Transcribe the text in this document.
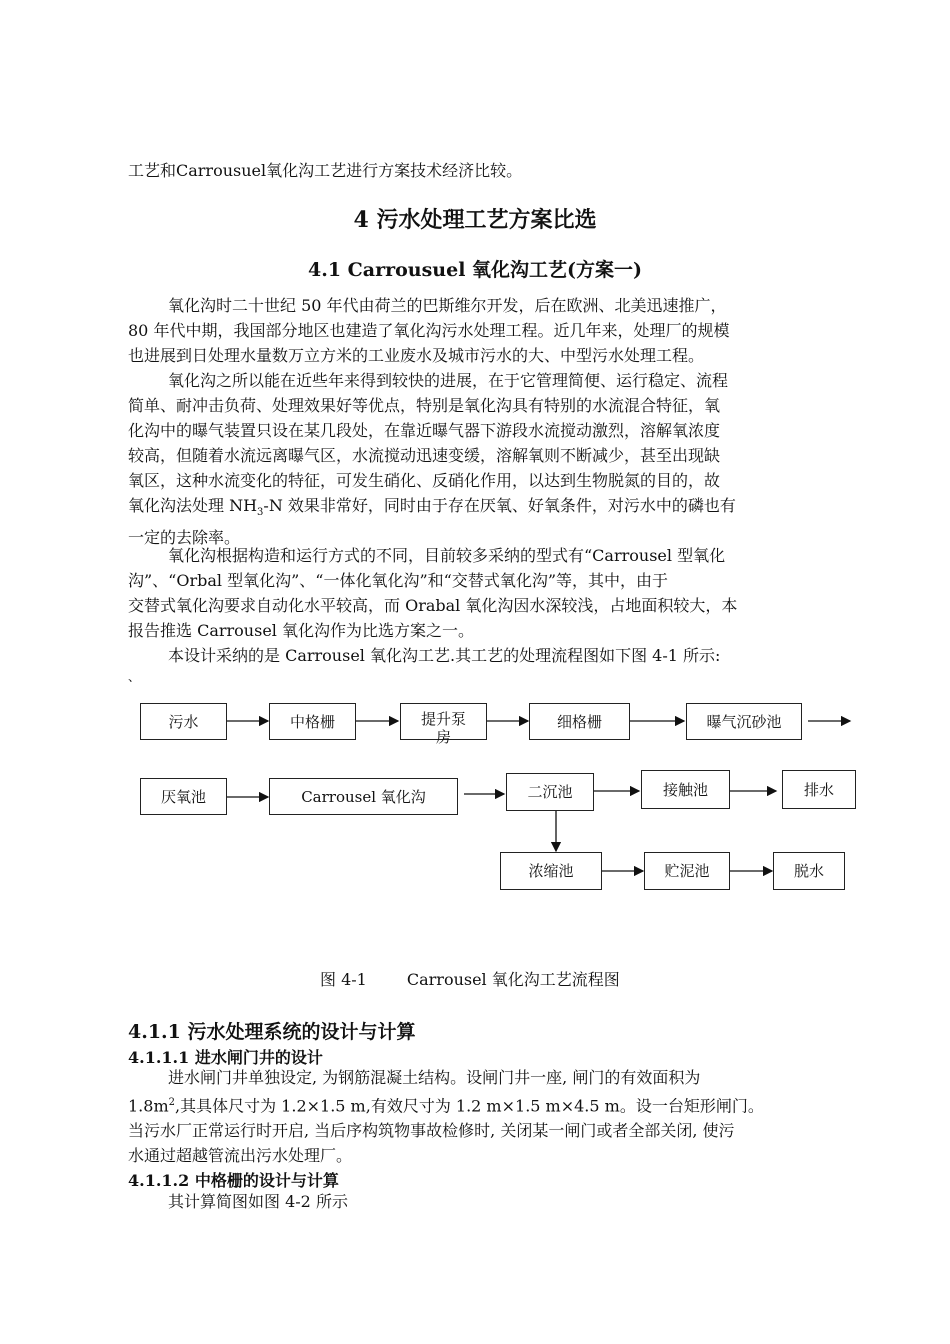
工艺和Carrousuel氧化沟工艺进行方案技术经济比较。
4 污水处理工艺方案比选
4.1 Carrousuel 氧化沟工艺(方案一)
氧化沟时二十世纪 50 年代由荷兰的巴斯维尔开发，后在欧洲、北美迅速推广，
80 年代中期，我国部分地区也建造了氧化沟污水处理工程。近几年来，处理厂的规模
也进展到日处理水量数万立方米的工业废水及城市污水的大、中型污水处理工程。
氧化沟之所以能在近些年来得到较快的进展，在于它管理简便、运行稳定、流程
简单、耐冲击负荷、处理效果好等优点，特别是氧化沟具有特别的水流混合特征，氧
化沟中的曝气装置只设在某几段处，在靠近曝气器下游段水流搅动激烈，溶解氧浓度
较高，但随着水流远离曝气区，水流搅动迅速变缓，溶解氧则不断减少，甚至出现缺
氧区，这种水流变化的特征，可发生硝化、反硝化作用，以达到生物脱氮的目的，故
氧化沟法处理 $NH_3-N$ 效果非常好，同时由于存在厌氧、好氧条件，对污水中的磷也有
一定的去除率。
氧化沟根据构造和运行方式的不同，目前较多采纳的型式有“Carrousel 型氧化
沟”、“Orbal 型氧化沟”、“一体化氧化沟”和“交替式氧化沟”等，其中，由于
交替式氧化沟要求自动化水平较高，而 Orabal 氧化沟因水深较浅，占地面积较大，本
报告推选 Carrousel 氧化沟作为比选方案之一。
本设计采纳的是 Carrousel 氧化沟工艺.其工艺的处理流程图如下图 4-1 所示:
、
污水	中格栅	提升泵
房
细格栅	曝气沉砂池
厌氧池	Carrousel 氧化沟	二沉池	接触池	排水
浓缩池	贮泥池	脱水
图 4-1	Carrousel 氧化沟工艺流程图
4.1.1 污水处理系统的设计与计算
4.1.1.1 进水闸门井的设计
进水闸门井单独设定, 为钢筋混凝土结构。设闸门井一座, 闸门的有效面积为
$1.8m^2$,其具体尺寸为 1.2×1.5 m,有效尺寸为 1.2 m×1.5 m×4.5 m。设一台矩形闸门。
当污水厂正常运行时开启, 当后序构筑物事故检修时, 关闭某一闸门或者全部关闭, 使污
水通过超越管流出污水处理厂。
4.1.1.2 中格栅的设计与计算
其计算简图如图 4-2 所示
